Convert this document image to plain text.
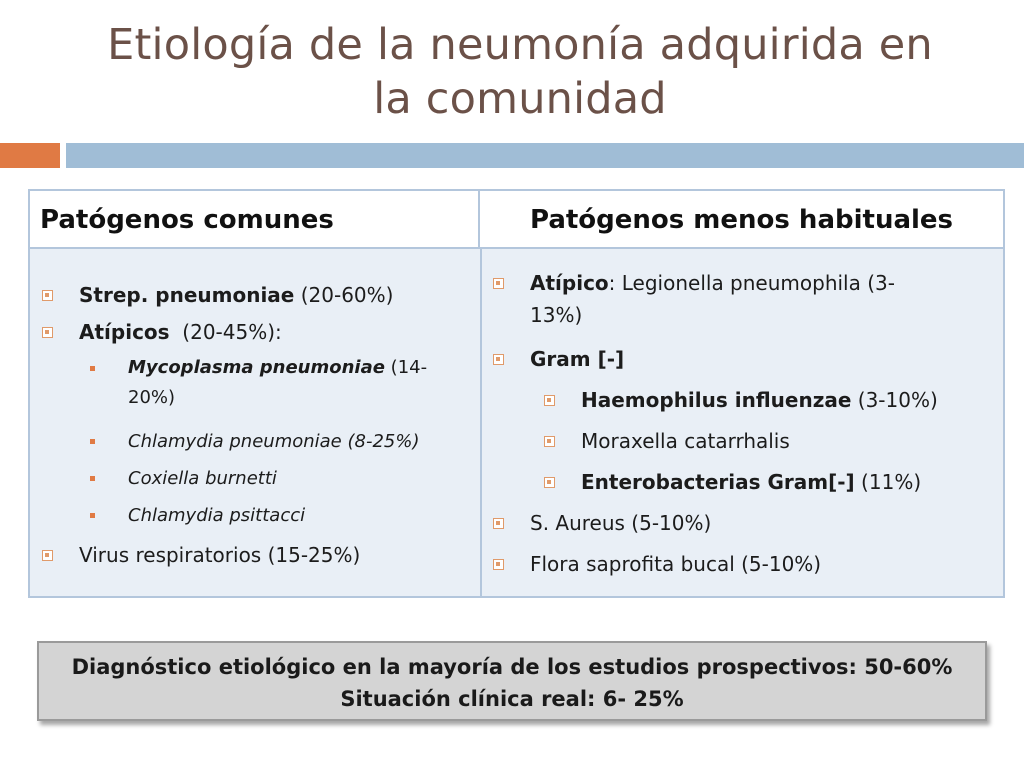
Etiología de la neumonía adquirida en
la comunidad
Patógenos comunes	Patógenos menos habituales
Strep. pneumoniae (20-60%)
Atípicos  (20-45%):
Mycoplasma pneumoniae (14-
20%)
Chlamydia pneumoniae (8-25%)
Coxiella burnetti
Chlamydia psittacci
Virus respiratorios (15-25%)
Atípico: Legionella pneumophila (3-
13%)
Gram [-]
Haemophilus influenzae (3-10%)
Moraxella catarrhalis
Enterobacterias Gram[-] (11%)
S. Aureus (5-10%)
Flora saprofita bucal (5-10%)
Diagnóstico etiológico en la mayoría de los estudios prospectivos: 50-60%
Situación clínica real: 6- 25%
